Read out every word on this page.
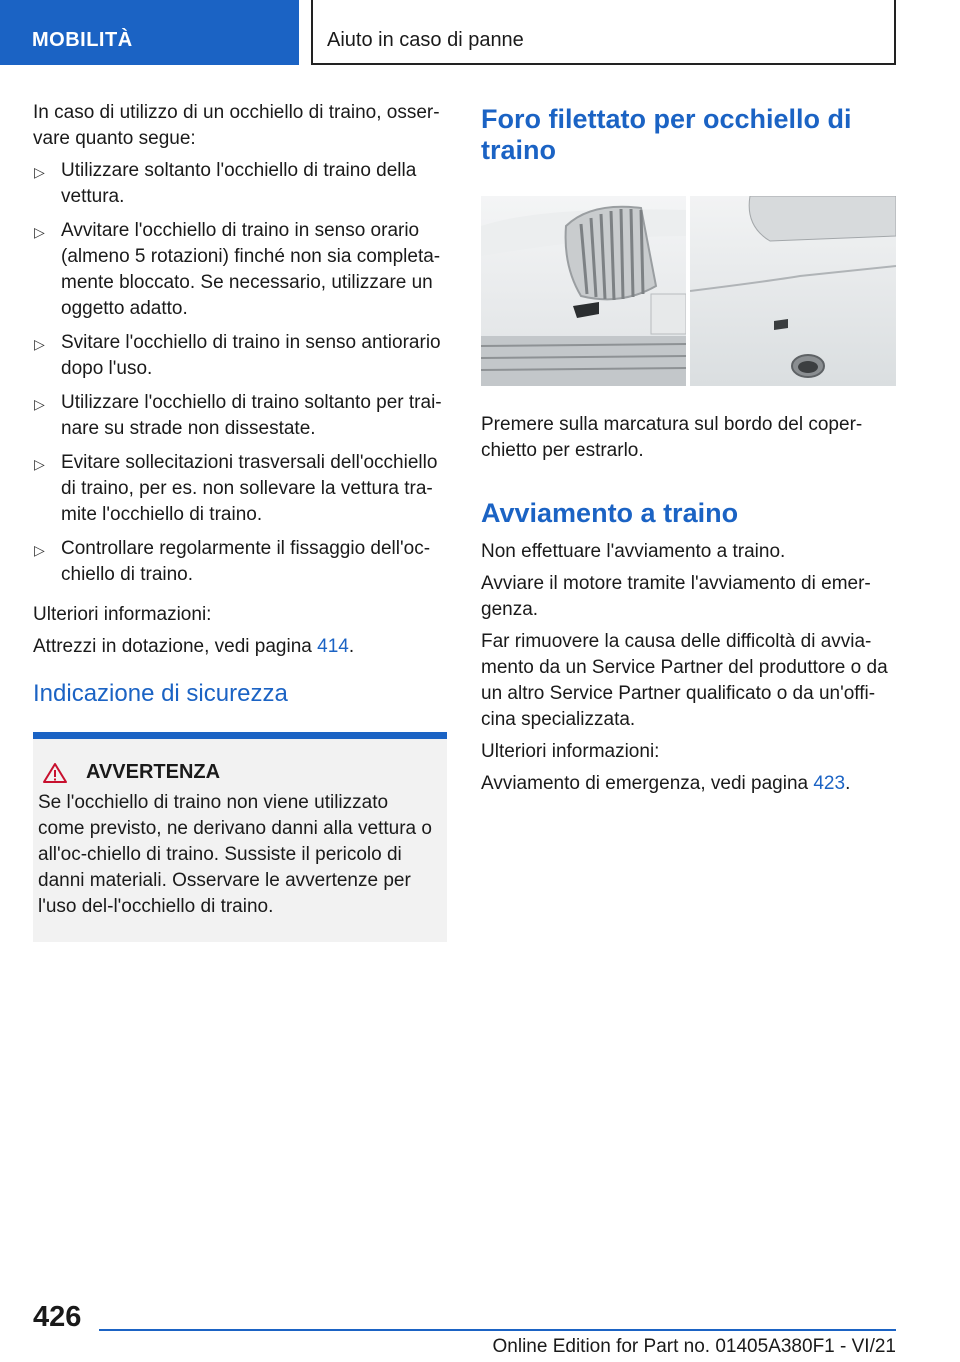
MOBILITÀ	Aiuto in caso di panne

In caso di utilizzo di un occhiello di traino, osser-vare quanto segue:

▷ Utilizzare soltanto l'occhiello di traino della vettura.
▷ Avvitare l'occhiello di traino in senso orario (almeno 5 rotazioni) finché non sia completa-mente bloccato. Se necessario, utilizzare un oggetto adatto.
▷ Svitare l'occhiello di traino in senso antiorario dopo l'uso.
▷ Utilizzare l'occhiello di traino soltanto per trai-nare su strade non dissestate.
▷ Evitare sollecitazioni trasversali dell'occhiello di traino, per es. non sollevare la vettura tra-mite l'occhiello di traino.
▷ Controllare regolarmente il fissaggio dell'oc-chiello di traino.

Ulteriori informazioni:

Attrezzi in dotazione, vedi pagina 414.

Indicazione di sicurezza
AVVERTENZA

Se l'occhiello di traino non viene utilizzato come previsto, ne derivano danni alla vettura o all'oc-chiello di traino. Sussiste il pericolo di danni materiali. Osservare le avvertenze per l'uso del-l'occhiello di traino.

Foro filettato per occhiello di traino

Premere sulla marcatura sul bordo del coper-chietto per estrarlo.

Avviamento a traino

Non effettuare l'avviamento a traino.

Avviare il motore tramite l'avviamento di emer-genza.

Far rimuovere la causa delle difficoltà di avvia-mento da un Service Partner del produttore o da un altro Service Partner qualificato o da un'offi-cina specializzata.

Ulteriori informazioni:

Avviamento di emergenza, vedi pagina 423.

426
Online Edition for Part no. 01405A380F1 - VI/21
